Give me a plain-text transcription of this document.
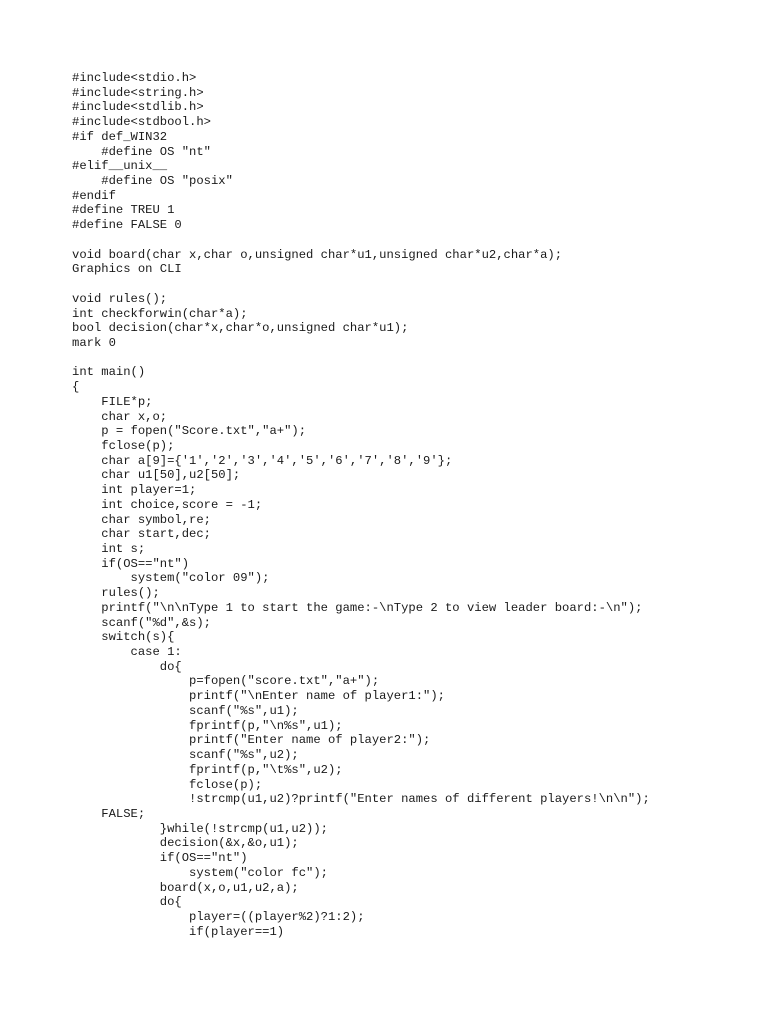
#include<stdio.h>
#include<string.h>
#include<stdlib.h>
#include<stdbool.h>
#if def_WIN32
#define OS "nt"
#elif__unix__
#define OS "posix"
#endif
#define TREU 1
#define FALSE 0
void board(char x,char o,unsigned char*u1,unsigned char*u2,char*a);
Graphics on CLI
void rules();
int checkforwin(char*a);
bool decision(char*x,char*o,unsigned char*u1);
mark 0
int main()
{
FILE*p;
char x,o;
p = fopen("Score.txt","a+");
fclose(p);
char a[9]={'1','2','3','4','5','6','7','8','9'};
char u1[50],u2[50];
int player=1;
int choice,score = -1;
char symbol,re;
char start,dec;
int s;
if(OS=="nt")
system("color 09");
rules();
printf("\n\nType 1 to start the game:-\nType 2 to view leader board:-\n");
scanf("%d",&s);
switch(s){
case 1:
do{
p=fopen("score.txt","a+");
printf("\nEnter name of player1:");
scanf("%s",u1);
fprintf(p,"\n%s",u1);
printf("Enter name of player2:");
scanf("%s",u2);
fprintf(p,"\t%s",u2);
fclose(p);
!strcmp(u1,u2)?printf("Enter names of different players!\n\n");
FALSE;
}while(!strcmp(u1,u2));
decision(&x,&o,u1);
if(OS=="nt")
system("color fc");
board(x,o,u1,u2,a);
do{
player=((player%2)?1:2);
if(player==1)
